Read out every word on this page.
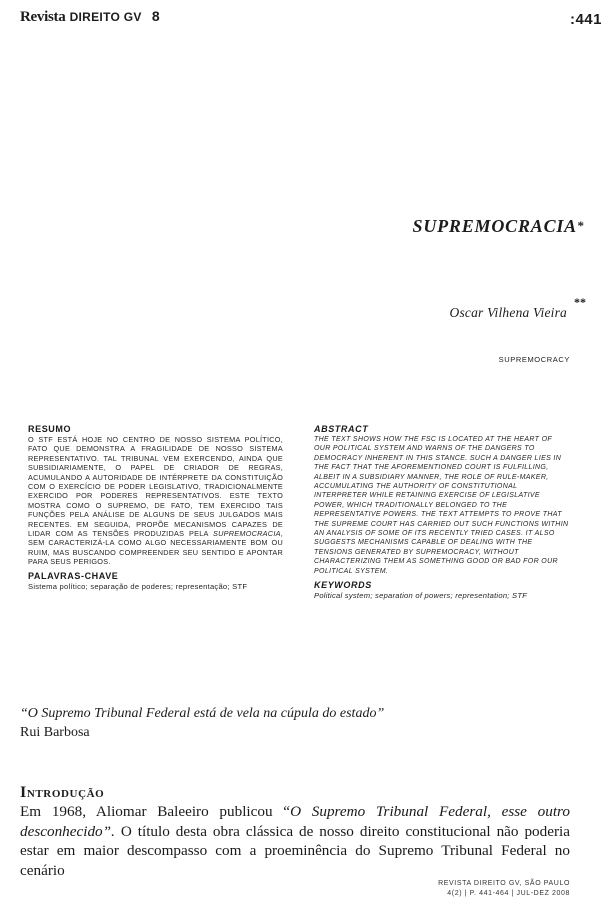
Revista DIREITO GV 8	:441
SUPREMOCRACIA *
Oscar Vilhena Vieira
**
SUPREMOCRACY
RESUMO
O STF ESTÁ HOJE NO CENTRO DE NOSSO SISTEMA POLÍTICO, FATO QUE DEMONSTRA A FRAGILIDADE DE NOSSO SISTEMA REPRESENTATIVO. TAL TRIBUNAL VEM EXERCENDO, AINDA QUE SUBSIDIARIAMENTE, O PAPEL DE CRIADOR DE REGRAS, ACUMULANDO A AUTORIDADE DE INTÉRPRETE DA CONSTITUIÇÃO COM O EXERCÍCIO DE PODER LEGISLATIVO, TRADICIONALMENTE EXERCIDO POR PODERES REPRESENTATIVOS. ESTE TEXTO MOSTRA COMO O SUPREMO, DE FATO, TEM EXERCIDO TAIS FUNÇÕES PELA ANÁLISE DE ALGUNS DE SEUS JULGADOS MAIS RECENTES. EM SEGUIDA, PROPÕE MECANISMOS CAPAZES DE LIDAR COM AS TENSÕES PRODUZIDAS PELA SUPREMOCRACIA, SEM CARACTERIZÁ-LA COMO ALGO NECESSARIAMENTE BOM OU RUIM, MAS BUSCANDO COMPREENDER SEU SENTIDO E APONTAR PARA SEUS PERIGOS.
PALAVRAS-CHAVE
Sistema político; separação de poderes; representação; STF
ABSTRACT
THE TEXT SHOWS HOW THE FSC IS LOCATED AT THE HEART OF OUR POLITICAL SYSTEM AND WARNS OF THE DANGERS TO DEMOCRACY INHERENT IN THIS STANCE. SUCH A DANGER LIES IN THE FACT THAT THE AFOREMENTIONED COURT IS FULFILLING, ALBEIT IN A SUBSIDIARY MANNER, THE ROLE OF RULE-MAKER, ACCUMULATING THE AUTHORITY OF CONSTITUTIONAL INTERPRETER WHILE RETAINING EXERCISE OF LEGISLATIVE POWER, WHICH TRADITIONALLY BELONGED TO THE REPRESENTATIVE POWERS. THE TEXT ATTEMPTS TO PROVE THAT THE SUPREME COURT HAS CARRIED OUT SUCH FUNCTIONS WITHIN AN ANALYSIS OF SOME OF ITS RECENTLY TRIED CASES. IT ALSO SUGGESTS MECHANISMS CAPABLE OF DEALING WITH THE TENSIONS GENERATED BY SUPREMOCRACY, WITHOUT CHARACTERIZING THEM AS SOMETHING GOOD OR BAD FOR OUR POLITICAL SYSTEM.
KEYWORDS
Political system; separation of powers; representation; STF
“O Supremo Tribunal Federal está de vela na cúpula do estado”
Rui Barbosa
Introdução
Em 1968, Aliomar Baleeiro publicou “O Supremo Tribunal Federal, esse outro desconhecido”. O título desta obra clássica de nosso direito constitucional não poderia estar em maior descompasso com a proeminência do Supremo Tribunal Federal no cenário
REVISTA DIREITO GV, SÃO PAULO
4(2) | P. 441-464 | JUL-DEZ 2008
